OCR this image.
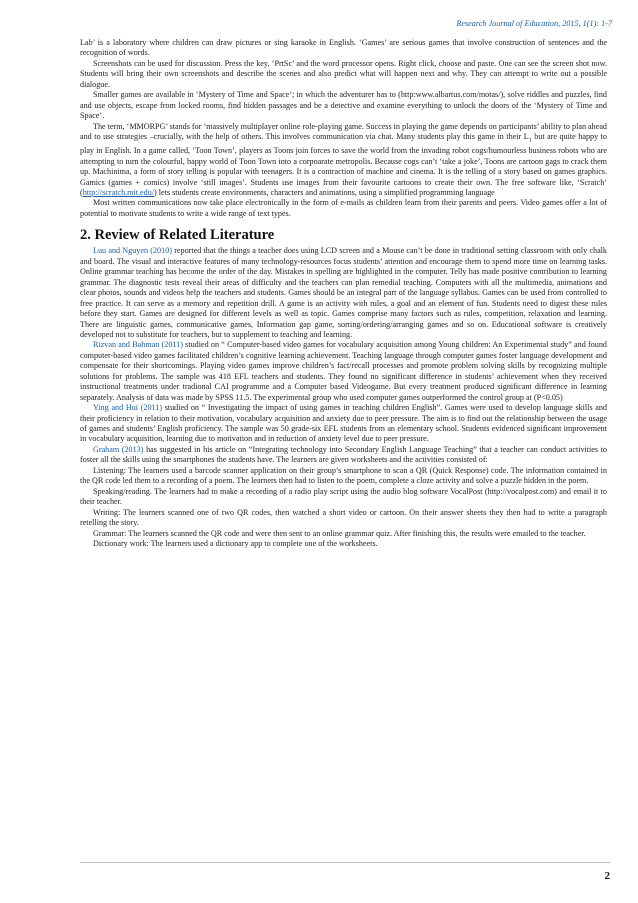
Research Journal of Education, 2015, 1(1): 1-7

Lab’ is a laboratory where children can draw pictures or sing karaoke in English. ‘Games’ are serious games that involve construction of sentences and the recognition of words.

Screenshots can be used for discussion. Press the key, ‘PrtSc’ and the word processor opens. Right click, choose and paste. One can see the screen shot now. Students will bring their own screenshots and describe the scenes and also predict what will happen next and why. They can attempt to write out a possible dialogue.

Smaller games are available in ‘Mystery of Time and Space’; in which the adventurer has to (http:www.albartus.com/motas/), solve riddles and puzzles, find and use objects, escape from locked rooms, find hidden passages and be a detective and examine everything to unlock the doors of the ‘Mystery of Time and Space’.

The term, ‘MMORPG’ stands for ‘massively multiplayer online role-playing game. Success in playing the game depends on participants’ ability to plan ahead and to use strategies –crucially, with the help of others. This involves communication via chat. Many students play this game in their $L_1$ but are quite happy to play in English. In a game called, ‘Toon Town’, players as Toons join forces to save the world from the invading robot cogs/humourless business robots who are attempting to turn the colourful, happy world of Toon Town into a corpoarate metropolis. Because cogs can’t ‘take a joke’, Toons are cartoon gags to crack them up. Machinima, a form of story telling is popular with teenagers. It is a contraction of machine and cinema. It is the telling of a story based on games graphics. Gamics (games + comics) involve ‘still images’. Students use images from their favourite cartoons to create their own. The free software like, ‘Scratch’ (http://scratch.mit.edu/) lets students create environments, characters and animations, using a simplified programming language

Most written communications now take place electronically in the form of e-mails as children learn from their parents and peers. Video games offer a lot of potential to motivate students to write a wide range of text types.

2. Review of Related Literature

Luu and Nguyen (2010) reported that the things a teacher does using LCD screen and a Mouse can’t be done in traditional setting classroom with only chalk and board. The visual and interactive features of many technology-resources focus students’ attention and encourage them to spend more time on learning tasks. Online grammar teaching has become the order of the day. Mistakes in spelling are highlighted in the computer. Telly has made positive contribution to learning grammar. The diagnostic tests reveal their areas of difficulty and the teachers can plan remedial teaching. Computers with all the multimedia, animations and clear photos, sounds and videos help the teachers and students. Games should be an integral part of the language syllabus. Games can be used from controlled to free practice. It can serve as a memory and repetition drill. A game is an activity with rules, a goal and an element of fun. Students need to digest these rules before they start. Games are designed for different levels as well as topic. Games comprise many factors such as rules, competition, relaxation and learning. There are linguistic games, communicative games, Information gap game, sorting/ordering/arranging games and so on. Educational software is creatively developed not to substitute for teachers, but to supplement to teaching and learning.

Rizvan and Bahman (2011) studied on “ Computer-based video games for vocabulary acquisition among Young children: An Experimental study” and found computer-based video games facilitated children’s cognitive learning achievement. Teaching language through computer games foster language development and compensate for their shortcomings. Playing video games improve children’s fact/recall processes and promote problem solving skills by recognizing multiple solutions for problems. The sample was 418 EFL teachers and students. They found no significant difference in students’ achievement when they received instructional treatments under tradional CAI programme and a Computer based Videogame. But every treatment produced significant difference in learning separately. Analysis of data was made by SPSS 11.5. The experimental group who used computer games outperformed the control group at (P<0.05)

Ying and Hui (2011) studied on “ Investigating the impact of using games in teaching children English”. Games were used to develop language skills and their proficiency in relation to their motivation, vocabulary acquisition and anxiety due to peer pressure. The aim is to find out the relationship between the usage of games and students’ English proficiency. The sample was 50 grade-six EFL students from an elementary school. Students evidenced significant improvement in vocabulary acquisition, learning due to motivation and in reduction of anxiety level due to peer pressure.

Graham (2013) has suggested in his article on “Integrating technology into Secondary English Language Teaching” that a teacher can conduct activities to foster all the skills using the smartphones the students have. The learners are given worksheets and the activities consisted of:

Listening: The learners used a barcode scanner application on their group’s smartphone to scan a QR (Quick Response) code. The information contained in the QR code led them to a recording of a poem. The learners then had to listen to the poem, complete a cloze activity and solve a puzzle hidden in the poem.

Speaking/reading. The learners had to make a recording of a radio play script using the audio blog software VocalPost (http://vocalpost.com) and email it to their teacher.

Writing: The learners scanned one of two QR codes, then watched a short video or cartoon. On their answer sheets they then had to write a paragraph retelling the story.

Grammar: The learners scanned the QR code and were then sent to an online grammar quiz. After finishing this, the results were emailed to the teacher.

Dictionary work: The learners used a dictionary app to complete one of the worksheets.

2
